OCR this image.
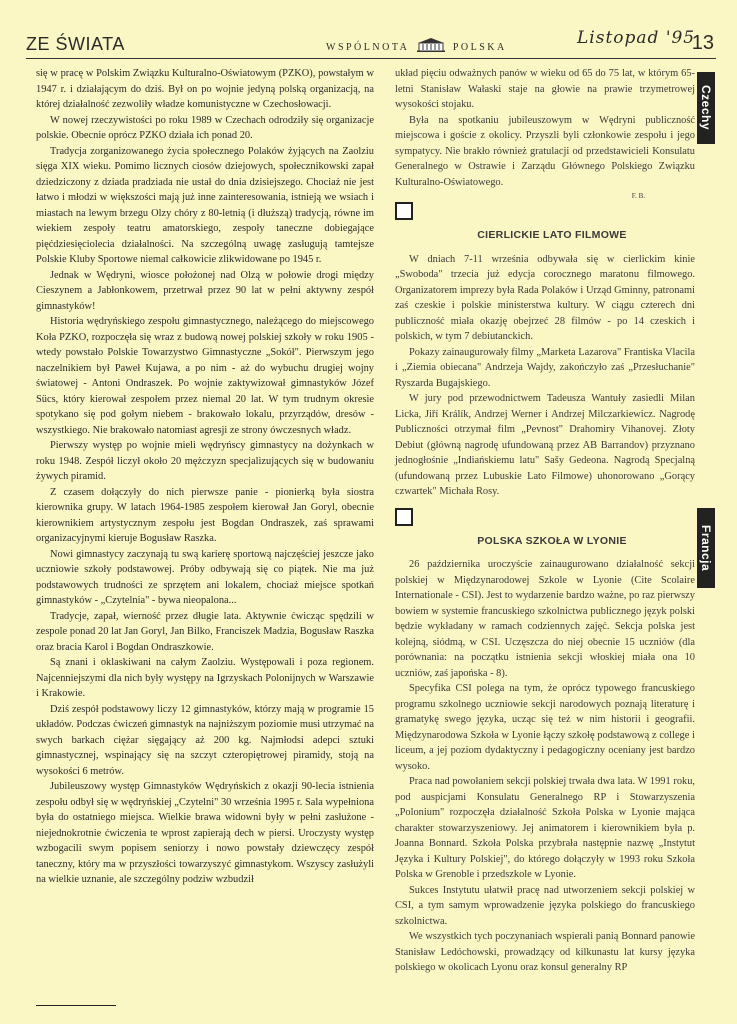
ZE ŚWIATA	WSPÓLNOTA	POLSKA	Listopad '95
13

się w pracę w Polskim Związku Kulturalno-Oświatowym (PZKO), powstałym w 1947 r. i działającym do dziś. Był on po wojnie jedyną polską organizacją, na której działalność zezwoliły władze komunistyczne w Czechosłowacji.

W nowej rzeczywistości po roku 1989 w Czechach odrodziły się organizacje polskie. Obecnie oprócz PZKO działa ich ponad 20.

Tradycja zorganizowanego życia społecznego Polaków żyjących na Zaolziu sięga XIX wieku. Pomimo licznych ciosów dziejowych, społecznikowski zapał dziedziczony z dziada pradziada nie ustał do dnia dzisiejszego. Chociaż nie jest łatwo i młodzi w większości mają już inne zainteresowania, istnieją we wsiach i miastach na lewym brzegu Olzy chóry z 80-letnią (i dłuższą) tradycją, równe im wiekiem zespoły teatru amatorskiego, zespoły taneczne dobiegające pięćdziesięciolecia działalności. Na szczególną uwagę zasługują tamtejsze Polskie Kluby Sportowe niemal całkowicie zlikwidowane po 1945 r.

Jednak w Wędryni, wiosce położonej nad Olzą w połowie drogi między Cieszynem a Jabłonkowem, przetrwał przez 90 lat w pełni aktywny zespół gimnastyków!

Historia wędryńskiego zespołu gimnastycznego, należącego do miejscowego Koła PZKO, rozpoczęła się wraz z budową nowej polskiej szkoły w roku 1905 - wtedy powstało Polskie Towarzystwo Gimnastyczne „Sokół". Pierwszym jego naczelnikiem był Paweł Kujawa, a po nim - aż do wybuchu drugiej wojny światowej - Antoni Ondraszek. Po wojnie zaktywizował gimnastyków Józef Sücs, który kierował zespołem przez niemal 20 lat. W tym trudnym okresie spotykano się pod gołym niebem - brakowało lokalu, przyrządów, dresów - wszystkiego. Nie brakowało natomiast agresji ze strony ówczesnych władz.

Pierwszy występ po wojnie mieli wędryńscy gimnastycy na dożynkach w roku 1948. Zespół liczył około 20 mężczyzn specjalizujących się w budowaniu żywych piramid.

Z czasem dołączyły do nich pierwsze panie - pionierką była siostra kierownika grupy. W latach 1964-1985 zespołem kierował Jan Goryl, obecnie kierownikiem artystycznym zespołu jest Bogdan Ondraszek, zaś sprawami organizacyjnymi kieruje Bogusław Raszka.

Nowi gimnastycy zaczynają tu swą karierę sportową najczęściej jeszcze jako uczniowie szkoły podstawowej. Próby odbywają się co piątek. Nie ma już podstawowych trudności ze sprzętem ani lokalem, chociaż miejsce spotkań gimnastyków - „Czytelnia" - bywa nieopalona...

Tradycje, zapał, wierność przez długie lata. Aktywnie ćwicząc spędzili w zespole ponad 20 lat Jan Goryl, Jan Bilko, Franciszek Madzia, Bogusław Raszka oraz bracia Karol i Bogdan Ondraszkowie.

Są znani i oklaskiwani na całym Zaolziu. Występowali i poza regionem. Najcenniejszymi dla nich były występy na Igrzyskach Polonijnych w Warszawie i Krakowie.

Dziś zespół podstawowy liczy 12 gimnastyków, którzy mają w programie 15 układów. Podczas ćwiczeń gimnastyk na najniższym poziomie musi utrzymać na swych barkach ciężar sięgający aż 200 kg. Najmłodsi adepci sztuki gimnastycznej, wspinający się na szczyt czteropiętrowej piramidy, stoją na wysokości 6 metrów.

Jubileuszowy występ Gimnastyków Wędryńskich z okazji 90-lecia istnienia zespołu odbył się w wędryńskiej „Czytelni" 30 września 1995 r. Sala wypełniona była do ostatniego miejsca. Wielkie brawa widowni były w pełni zasłużone - niejednokrotnie ćwiczenia te wprost zapierają dech w piersi. Uroczysty występ wzbogacili swym popisem seniorzy i nowo powstały dziewczęcy zespół taneczny, który ma w przyszłości towarzyszyć gimnastykom. Wszyscy zasłużyli na wielkie uznanie, ale szczególny podziw wzbudził

Czechy
Francja

układ pięciu odważnych panów w wieku od 65 do 75 lat, w którym 65-letni Stanisław Wałaski staje na głowie na prawie trzymetrowej wysokości stojaku.

Była na spotkaniu jubileuszowym w Wędryni publiczność miejscowa i goście z okolicy. Przyszli byli członkowie zespołu i jego sympatycy. Nie brakło również gratulacji od przedstawicieli Konsulatu Generalnego w Ostrawie i Zarządu Głównego Polskiego Związku Kulturalno-Oświatowego.

F. B.

CIERLICKIE LATO FILMOWE

W dniach 7-11 września odbywała się w cierlickim kinie „Swoboda" trzecia już edycja corocznego maratonu filmowego. Organizatorem imprezy była Rada Polaków i Urząd Gminny, patronami zaś czeskie i polskie ministerstwa kultury. W ciągu czterech dni publiczność miała okazję obejrzeć 28 filmów - po 14 czeskich i polskich, w tym 7 debiutanckich.

Pokazy zainaugurowały filmy „Marketa Lazarova" Frantiska Vlacila i „Ziemia obiecana" Andrzeja Wajdy, zakończyło zaś „Przesłuchanie" Ryszarda Bugajskiego.

W jury pod przewodnictwem Tadeusza Wantuły zasiedli Milan Licka, Jiří Králík, Andrzej Werner i Andrzej Milczarkiewicz. Nagrodę Publiczności otrzymał film „Pevnost" Drahomiry Vihanovej. Złoty Debiut (główną nagrodę ufundowaną przez AB Barrandov) przyznano jednogłośnie „Indiańskiemu latu" Sašy Gedeona. Nagrodą Specjalną (ufundowaną przez Lubuskie Lato Filmowe) uhonorowano „Gorący czwartek" Michała Rosy.

POLSKA SZKOŁA W LYONIE

26 października uroczyście zainaugurowano działalność sekcji polskiej w Międzynarodowej Szkole w Lyonie (Cite Scolaire Internationale - CSI). Jest to wydarzenie bardzo ważne, po raz pierwszy bowiem w systemie francuskiego szkolnictwa publicznego język polski będzie wykładany w ramach codziennych zajęć. Sekcja polska jest kolejną, siódmą, w CSI. Uczęszcza do niej obecnie 15 uczniów (dla porównania: na początku istnienia sekcji włoskiej miała ona 10 uczniów, zaś japońska - 8).

Specyfika CSI polega na tym, że oprócz typowego francuskiego programu szkolnego uczniowie sekcji narodowych poznają literaturę i gramatykę swego języka, ucząc się też w nim historii i geografii. Międzynarodowa Szkoła w Lyonie łączy szkołę podstawową z college i liceum, a jej poziom dydaktyczny i pedagogiczny oceniany jest bardzo wysoko.

Praca nad powołaniem sekcji polskiej trwała dwa lata. W 1991 roku, pod auspicjami Konsulatu Generalnego RP i Stowarzyszenia „Polonium" rozpoczęła działalność Szkoła Polska w Lyonie mająca charakter stowarzyszeniowy. Jej animatorem i kierownikiem była p. Joanna Bonnard. Szkoła Polska przybrała następnie nazwę „Instytut Języka i Kultury Polskiej", do którego dołączyły w 1993 roku Szkoła Polska w Grenoble i przedszkole w Lyonie.

Sukces Instytutu ułatwił pracę nad utworzeniem sekcji polskiej w CSI, a tym samym wprowadzenie języka polskiego do francuskiego szkolnictwa.

We wszystkich tych poczynaniach wspierali panią Bonnard panowie Stanisław Ledóchowski, prowadzący od kilkunastu lat kursy języka polskiego w okolicach Lyonu oraz konsul generalny RP
